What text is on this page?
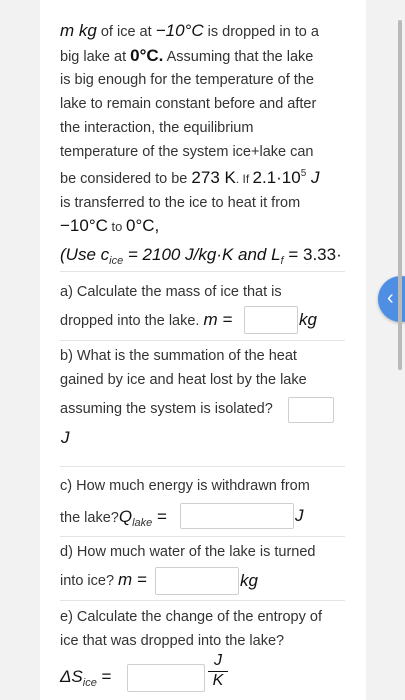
m kg of ice at −10°C is dropped in to a
big lake at 0°C. Assuming that the lake
is big enough for the temperature of the
lake to remain constant before and after
the interaction, the equilibrium
temperature of the system ice+lake can
be considered to be 273 K. If $2.1\cdot 10^5$ J
is transferred to the ice to heat it from
−10°C to 0°C,
(Use $c_{ice} = 2100$ J/kg·K and $L_f = 3.33\cdot$
a) Calculate the mass of ice that is
dropped into the lake. m =	kg
b) What is the summation of the heat
gained by ice and heat lost by the lake
assuming the system is isolated?
J
c) How much energy is withdrawn from
the $lake?Q_{lake}$ =	J
d) How much water of the lake is turned
into ice? m =	kg
e) Calculate the change of the entropy of
ice that was dropped into the lake?
$\Delta S_{ice}$ =	$\frac{J}{K}$
‹
